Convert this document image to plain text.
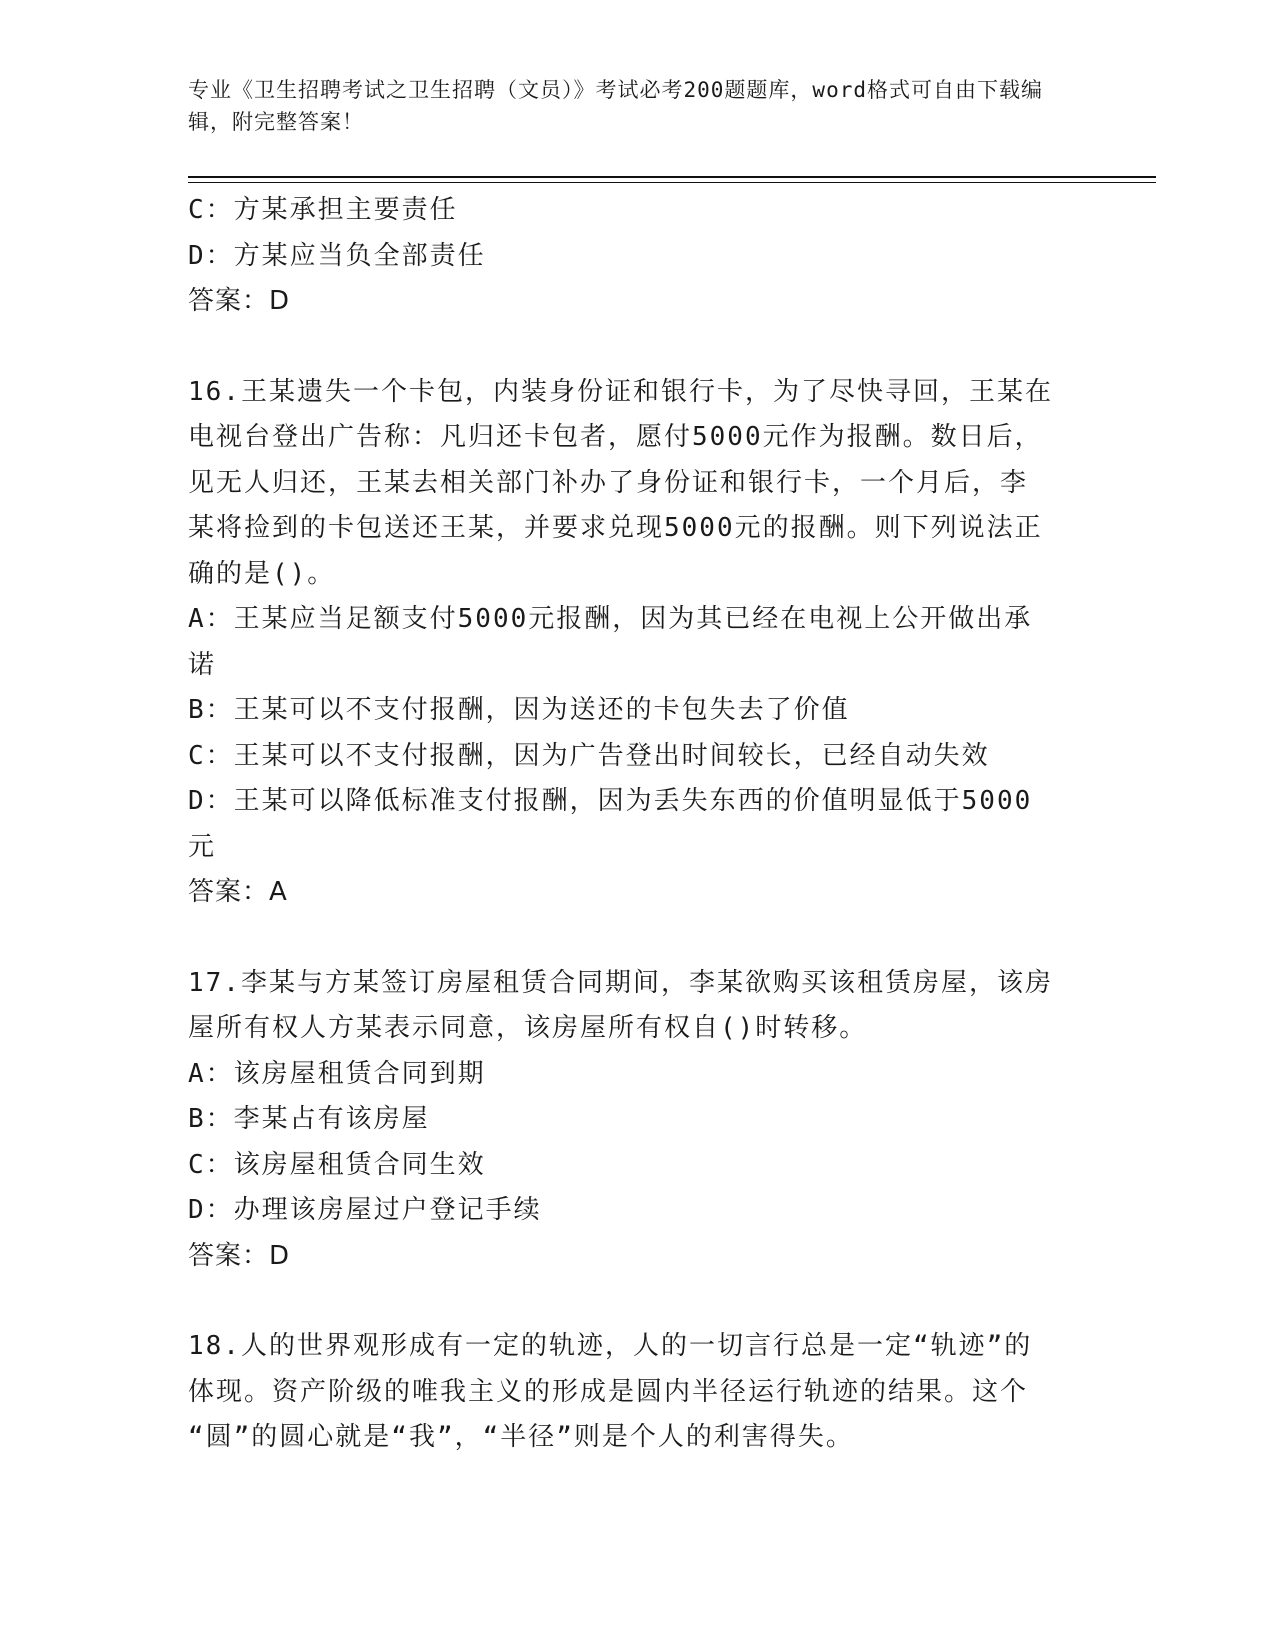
专业《卫生招聘考试之卫生招聘（文员）》考试必考200题题库，word格式可自由下载编辑，附完整答案！
C：方某承担主要责任
D：方某应当负全部责任
答案：D
16.王某遗失一个卡包，内装身份证和银行卡，为了尽快寻回，王某在
电视台登出广告称：凡归还卡包者，愿付5000元作为报酬。数日后，
见无人归还，王某去相关部门补办了身份证和银行卡，一个月后，李
某将捡到的卡包送还王某，并要求兑现5000元的报酬。则下列说法正
确的是()。
A：王某应当足额支付5000元报酬，因为其已经在电视上公开做出承
诺
B：王某可以不支付报酬，因为送还的卡包失去了价值
C：王某可以不支付报酬，因为广告登出时间较长，已经自动失效
D：王某可以降低标准支付报酬，因为丢失东西的价值明显低于5000
元
答案：A
17.李某与方某签订房屋租赁合同期间，李某欲购买该租赁房屋，该房
屋所有权人方某表示同意，该房屋所有权自()时转移。
A：该房屋租赁合同到期
B：李某占有该房屋
C：该房屋租赁合同生效
D：办理该房屋过户登记手续
答案：D
18.人的世界观形成有一定的轨迹，人的一切言行总是一定“轨迹”的
体现。资产阶级的唯我主义的形成是圆内半径运行轨迹的结果。这个
“圆”的圆心就是“我”，“半径”则是个人的利害得失。
